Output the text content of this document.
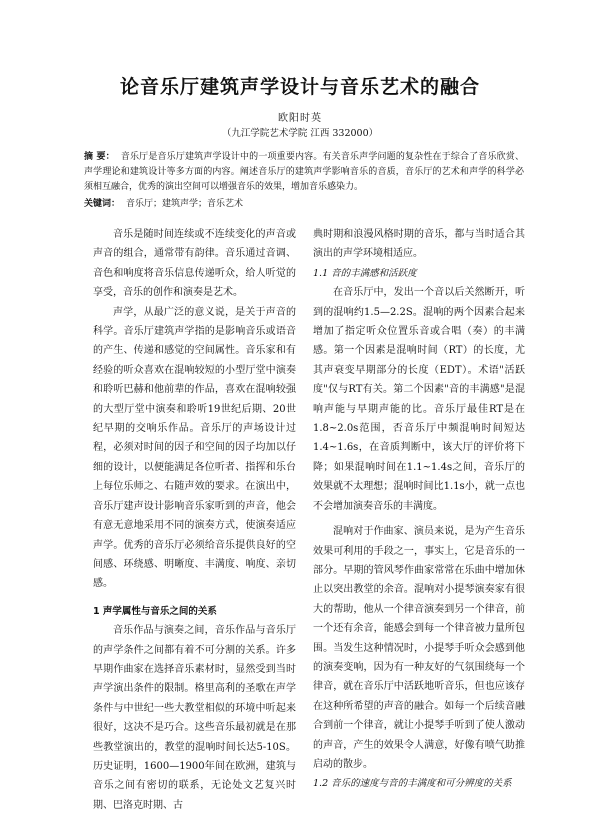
论音乐厅建筑声学设计与音乐艺术的融合
欧阳时英
（九江学院艺术学院 江西 332000）

摘 要： 音乐厅是音乐厅建筑声学设计中的一项重要内容。有关音乐声学问题的复杂性在于综合了音乐欣赏、声学理论和建筑设计等多方面的内容。阐述音乐厅的建筑声学影响音乐的音质，音乐厅的艺术和声学的科学必须相互融合，优秀的演出空间可以增强音乐的效果，增加音乐感染力。

关键词： 音乐厅；建筑声学；音乐艺术

音乐是随时间连续或不连续变化的声音或声音的组合，通常带有韵律。音乐通过音调、音色和响度将音乐信息传递听众，给人听觉的享受，音乐的创作和演奏是艺术。

声学，从最广泛的意义说，是关于声音的科学。音乐厅建筑声学指的是影响音乐或语音的产生、传递和感觉的空间属性。音乐家和有经验的听众喜欢在混响较短的小型厅堂中演奏和聆听巴赫和他前辈的作品，喜欢在混响较强的大型厅堂中演奏和聆听19世纪后期、20世纪早期的交响乐作品。音乐厅的声场设计过程，必须对时间的因子和空间的因子均加以仔细的设计，以便能满足各位听者、指挥和乐台上每位乐师之、右随声效的要求。在演出中，音乐厅建声设计影响音乐家听到的声音，他会有意无意地采用不同的演奏方式，使演奏适应声学。优秀的音乐厅必须给音乐提供良好的空间感、环绕感、明晰度、丰满度、响度、亲切感。

1 声学属性与音乐之间的关系

音乐作品与演奏之间，音乐作品与音乐厅的声学条件之间都有着不可分割的关系。许多早期作曲家在选择音乐素材时，显然受到当时声学演出条件的限制。格里高利的圣歌在声学条件与中世纪一些大教堂相似的环境中听起来很好，这决不是巧合。这些音乐最初就是在那些教堂演出的，教堂的混响时间长达5-10S。历史证明，1600—1900年间在欧洲，建筑与音乐之间有密切的联系，无论处文艺复兴时期、巴洛克时期、古

典时期和浪漫风格时期的音乐，都与当时适合其演出的声学环境相适应。

1.1 音的丰满感和活跃度

在音乐厅中，发出一个音以后关然断开，听到的混响约1.5—2.2S。混响的两个因素合起来增加了指定听众位置乐音或合唱（奏）的丰满感。第一个因素是混响时间（RT）的长度，尤其声衰变早期部分的长度（EDT）。术语"活跃度"仅与RT有关。第二个因素"音的丰满感"是混响声能与早期声能的比。音乐厅最佳RT是在1.8~2.0s范围，否音乐厅中频混响时间短达1.4~1.6s，在音质判断中，该大厅的评价将下降；如果混响时间在1.1~1.4s之间，音乐厅的效果就不太理想；混响时间比1.1s小，就一点也不会增加演奏音乐的丰满度。

混响对于作曲家、演员来说，是为产生音乐效果可利用的手段之一，事实上，它是音乐的一部分。早期的管风琴作曲家常常在乐曲中增加休止以突出教堂的余音。混响对小提琴演奏家有很大的帮助，他从一个律音演奏到另一个律音，前一个还有余音，能感会到每一个律音被力量所包围。当发生这种情况时，小提琴手听众会感到他的演奏变响，因为有一种友好的气氛围绕每一个律音，就在音乐厅中活跃地听音乐，但也应该存在这种所希望的声音的融合。如每一个后续音融合到前一个律音，就让小提琴手听到了使人激动的声音，产生的效果令人满意，好像有喷气助推启动的散步。

1.2 音乐的速度与音的丰满度和可分辨度的关系
